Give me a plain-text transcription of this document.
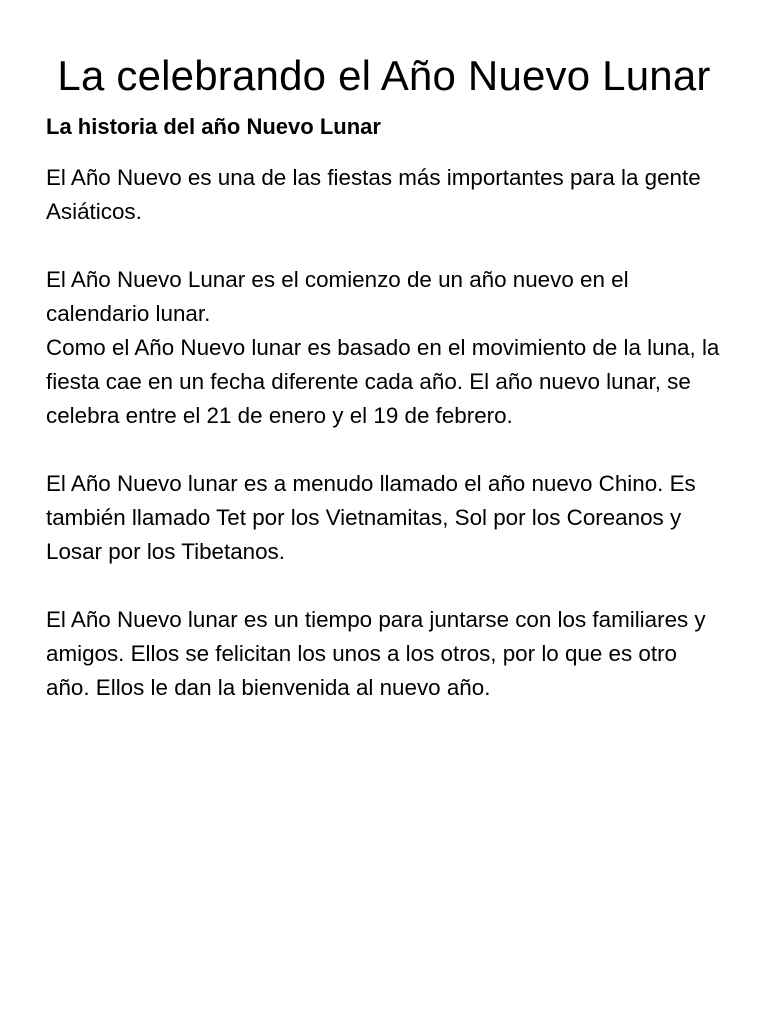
La celebrando el Año Nuevo Lunar
La historia del año Nuevo Lunar

El Año Nuevo es una de las fiestas más importantes para la gente Asiáticos.

El Año Nuevo Lunar es el comienzo de un año nuevo en el calendario lunar.

Como el Año Nuevo lunar es basado en el movimiento de la luna, la fiesta cae en un fecha diferente cada año. El año nuevo lunar, se celebra entre el 21 de enero y el 19 de febrero.

El Año Nuevo lunar es a menudo llamado el año nuevo Chino. Es también llamado Tet por los Vietnamitas, Sol por los Coreanos y Losar por los Tibetanos.

El Año Nuevo lunar es un tiempo para juntarse con los familiares y amigos. Ellos se felicitan los unos a los otros, por lo que es otro año. Ellos le dan la bienvenida al nuevo año.
